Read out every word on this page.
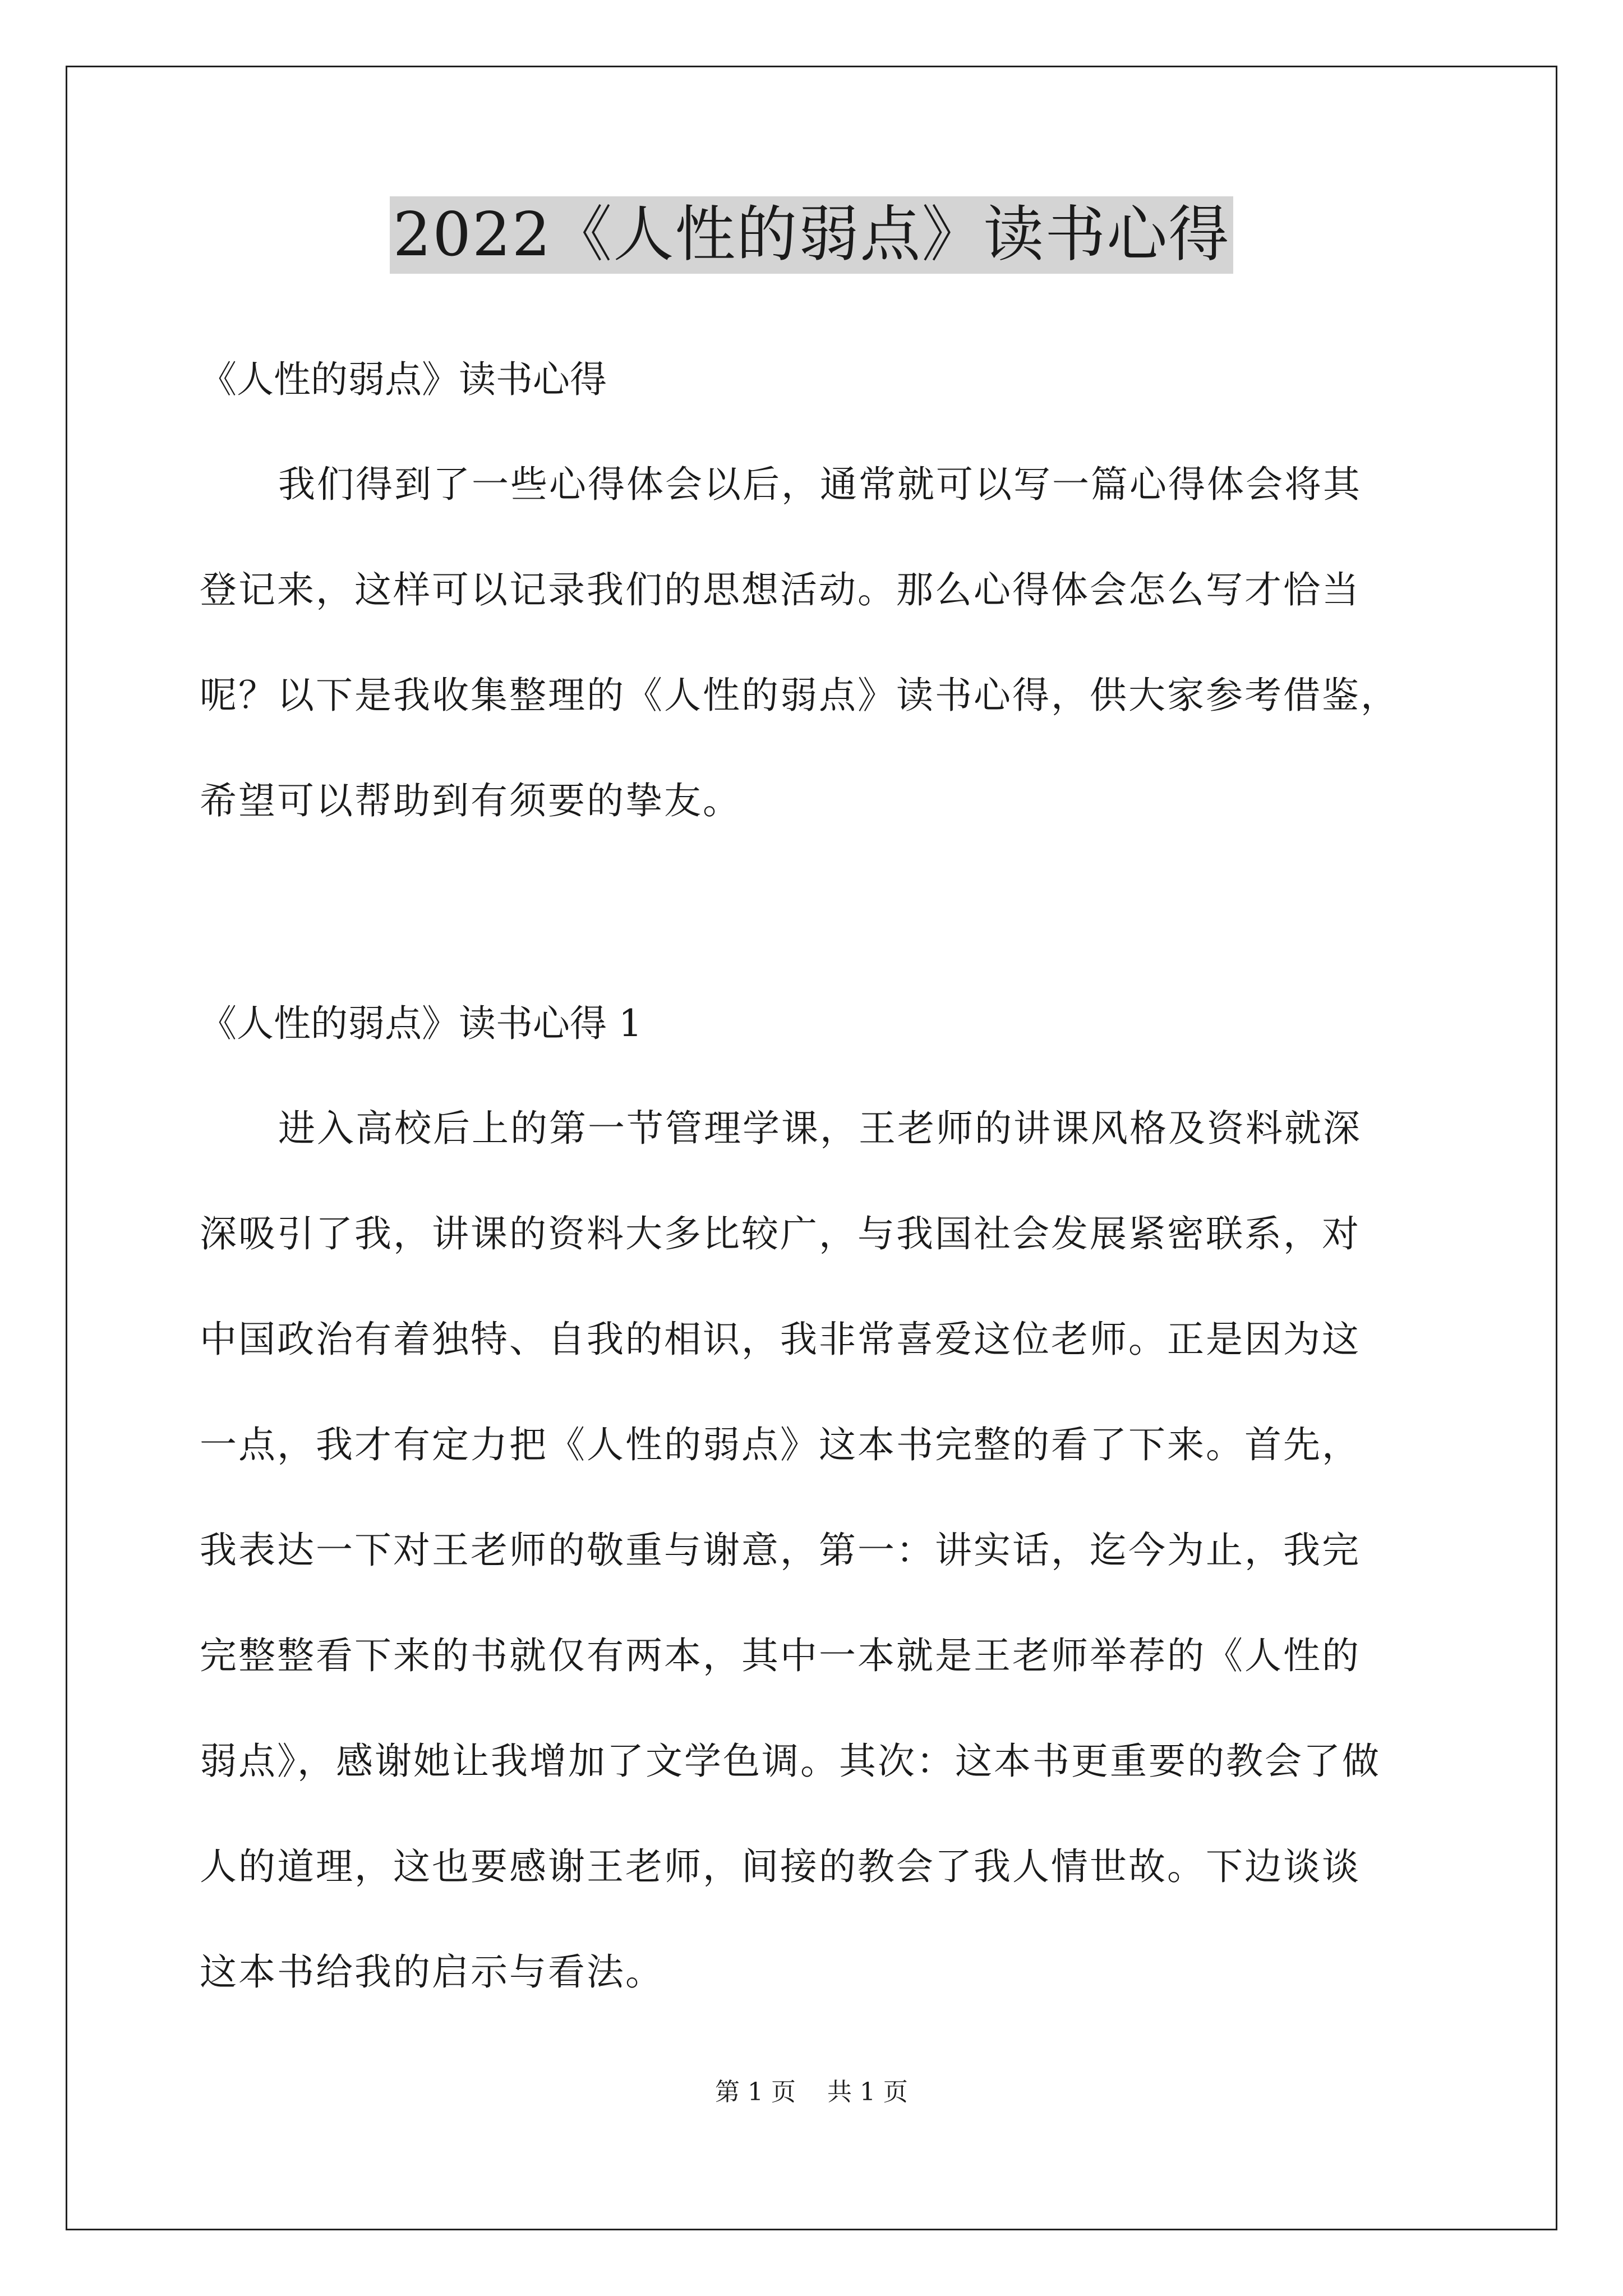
2022《人性的弱点》读书心得
《人性的弱点》读书心得
我们得到了一些心得体会以后，通常就可以写一篇心得体会将其
登记来，这样可以记录我们的思想活动。那么心得体会怎么写才恰当
呢？以下是我收集整理的《人性的弱点》读书心得，供大家参考借鉴，
希望可以帮助到有须要的挚友。
《人性的弱点》读书心得 1
进入高校后上的第一节管理学课，王老师的讲课风格及资料就深
深吸引了我，讲课的资料大多比较广，与我国社会发展紧密联系，对
中国政治有着独特、自我的相识，我非常喜爱这位老师。正是因为这
一点，我才有定力把《人性的弱点》这本书完整的看了下来。首先，
我表达一下对王老师的敬重与谢意，第一：讲实话，迄今为止，我完
完整整看下来的书就仅有两本，其中一本就是王老师举荐的《人性的
弱点》，感谢她让我增加了文学色调。其次：这本书更重要的教会了做
人的道理，这也要感谢王老师，间接的教会了我人情世故。下边谈谈
这本书给我的启示与看法。
第 1 页 共 1 页
